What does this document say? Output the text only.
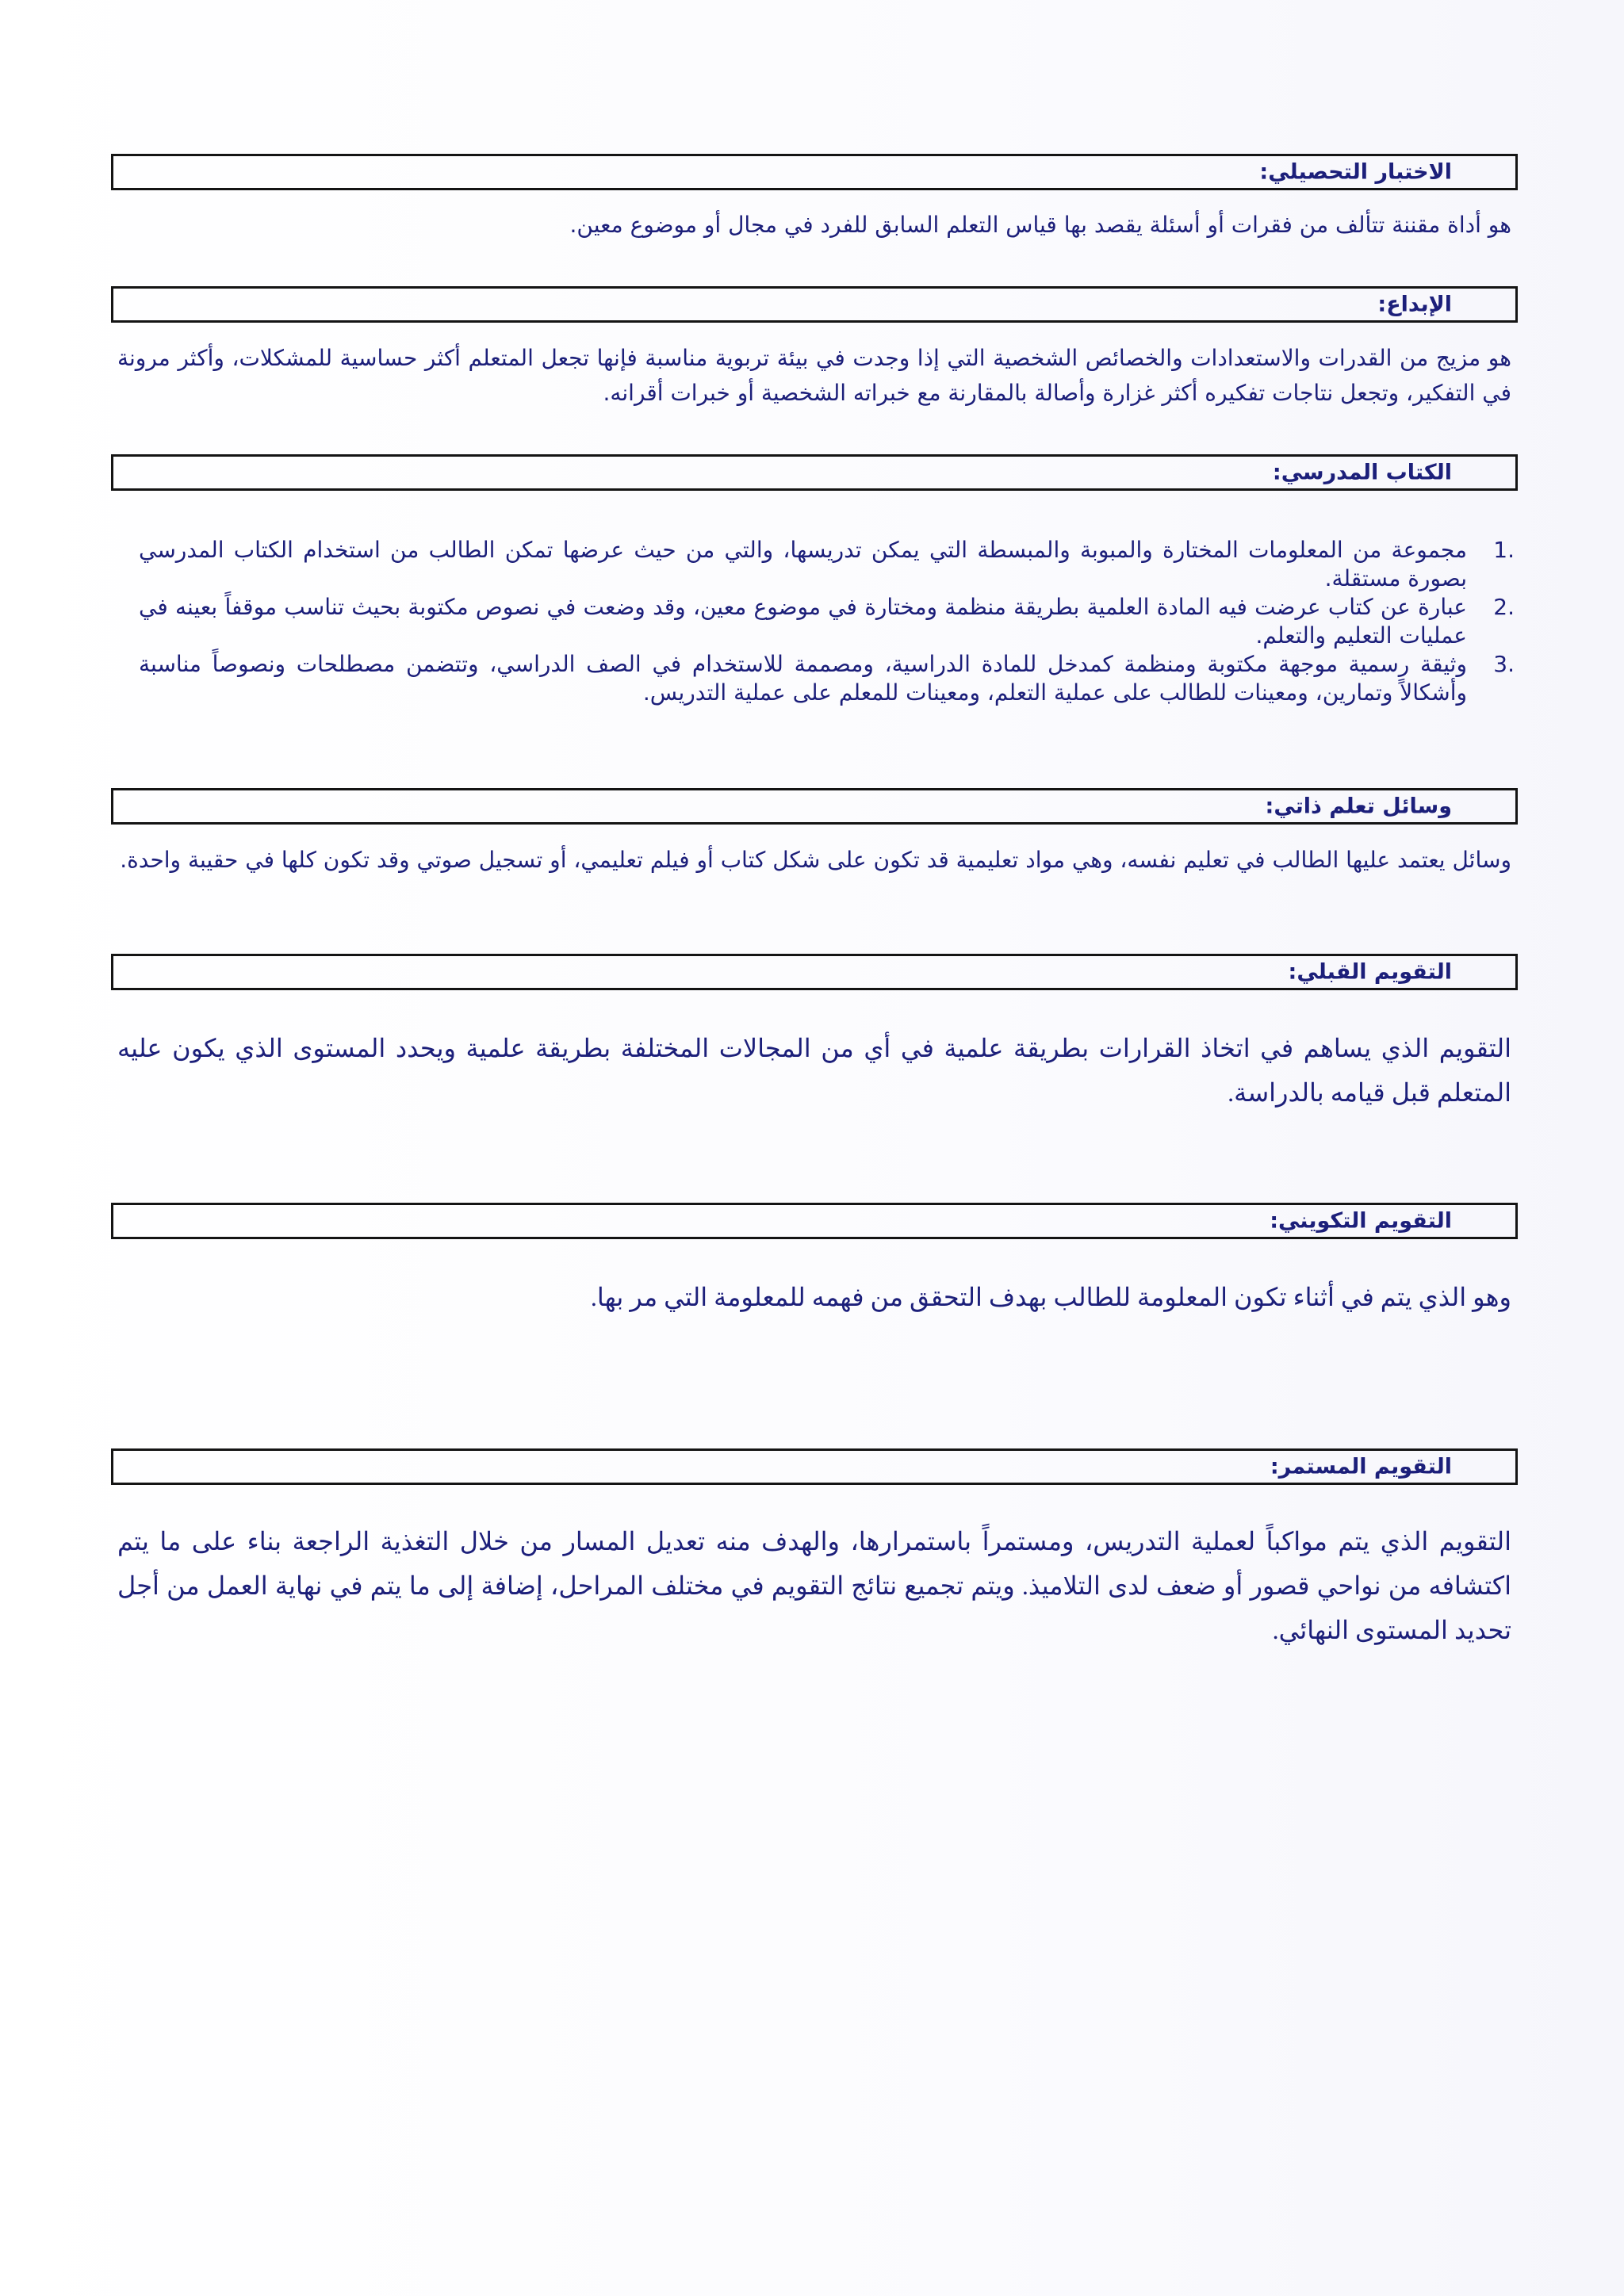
الاختبار التحصيلي:

هو أداة مقننة تتألف من فقرات أو أسئلة يقصد بها قياس التعلم السابق للفرد في مجال أو موضوع معين.

الإبداع:

هو مزيج من القدرات والاستعدادات والخصائص الشخصية التي إذا وجدت في بيئة تربوية مناسبة فإنها تجعل المتعلم أكثر حساسية للمشكلات، وأكثر مرونة في التفكير، وتجعل نتاجات تفكيره أكثر غزارة وأصالة بالمقارنة مع خبراته الشخصية أو خبرات أقرانه.

الكتاب المدرسي:
1.
مجموعة من المعلومات المختارة والمبوبة والمبسطة التي يمكن تدريسها، والتي من حيث عرضها تمكن الطالب من استخدام الكتاب المدرسي بصورة مستقلة.
2.
عبارة عن كتاب عرضت فيه المادة العلمية بطريقة منظمة ومختارة في موضوع معين، وقد وضعت في نصوص مكتوبة بحيث تناسب موقفاً بعينه في عمليات التعليم والتعلم.
3.
وثيقة رسمية موجهة مكتوبة ومنظمة كمدخل للمادة الدراسية، ومصممة للاستخدام في الصف الدراسي، وتتضمن مصطلحات ونصوصاً مناسبة وأشكالاً وتمارين، ومعينات للطالب على عملية التعلم، ومعينات للمعلم على عملية التدريس.
وسائل تعلم ذاتي:

وسائل يعتمد عليها الطالب في تعليم نفسه، وهي مواد تعليمية قد تكون على شكل كتاب أو فيلم تعليمي، أو تسجيل صوتي وقد تكون كلها في حقيبة واحدة.

التقويم القبلي:

التقويم الذي يساهم في اتخاذ القرارات بطريقة علمية في أي من المجالات المختلفة بطريقة علمية ويحدد المستوى الذي يكون عليه المتعلم قبل قيامه بالدراسة.

التقويم التكويني:

وهو الذي يتم في أثناء تكون المعلومة للطالب بهدف التحقق من فهمه للمعلومة التي مر بها.

التقويم المستمر:

التقويم الذي يتم مواكباً لعملية التدريس، ومستمراً باستمرارها، والهدف منه تعديل المسار من خلال التغذية الراجعة بناء على ما يتم اكتشافه من نواحي قصور أو ضعف لدى التلاميذ. ويتم تجميع نتائج التقويم في مختلف المراحل، إضافة إلى ما يتم في نهاية العمل من أجل تحديد المستوى النهائي.
